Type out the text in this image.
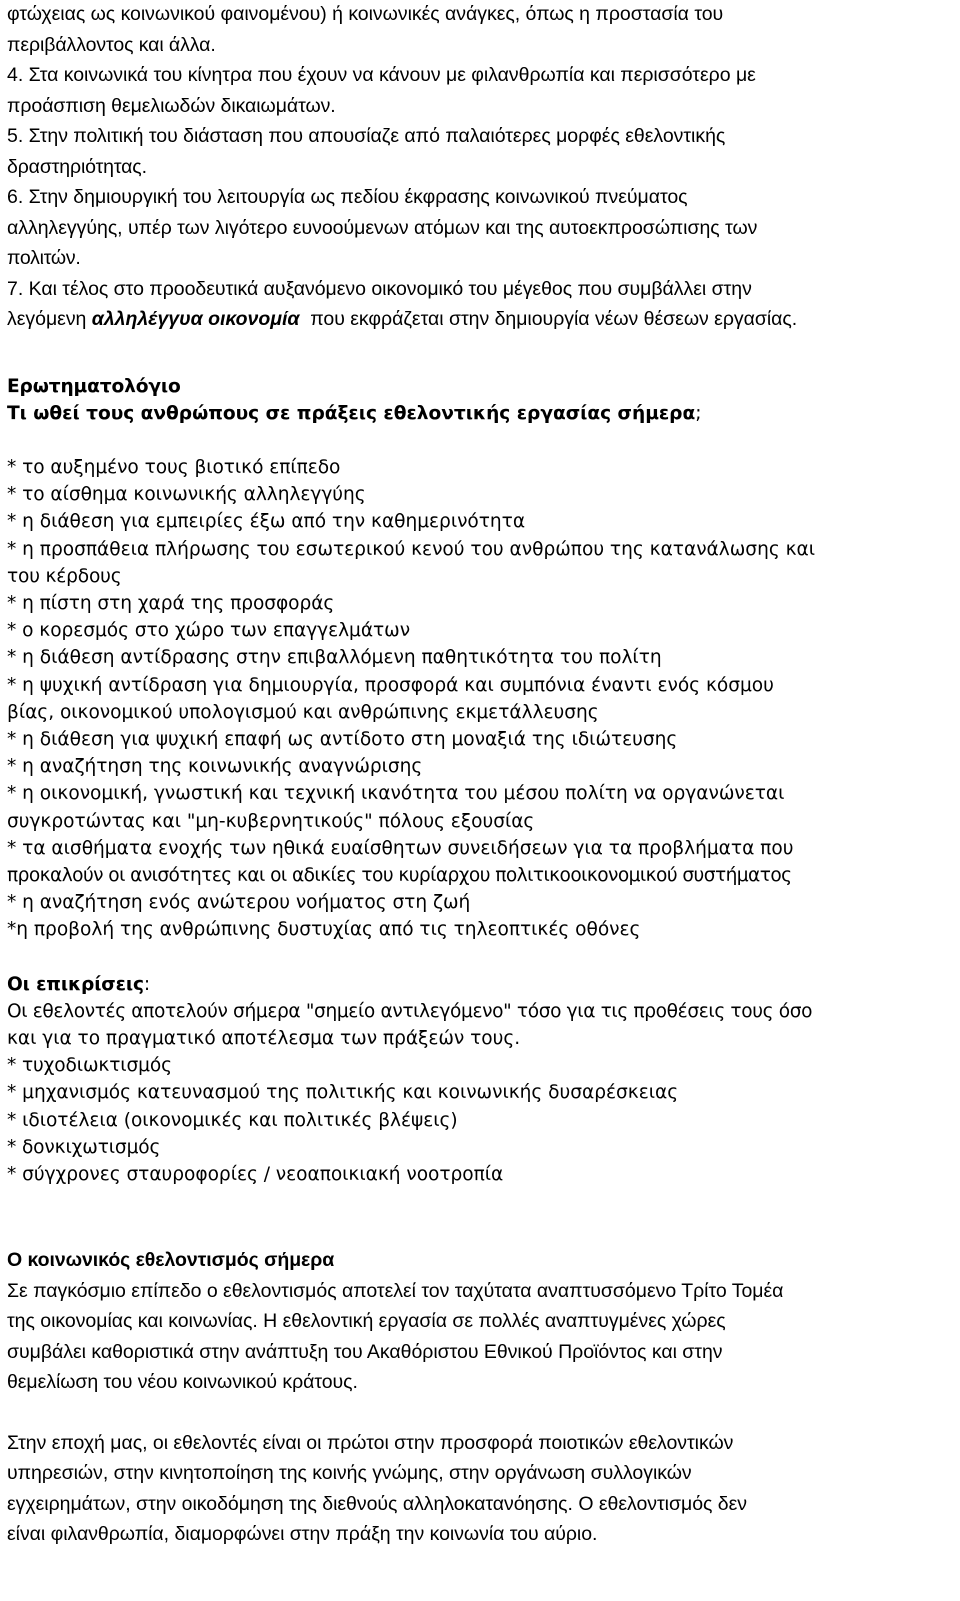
φτώχειας ως κοινωνικού φαινομένου) ή κοινωνικές ανάγκες, όπως η προστασία του
περιβάλλοντος και άλλα.
4. Στα κοινωνικά του κίνητρα που έχουν να κάνουν με φιλανθρωπία και περισσότερο με
προάσπιση θεμελιωδών δικαιωμάτων.
5. Στην πολιτική του διάσταση που απουσίαζε από παλαιότερες μορφές εθελοντικής
δραστηριότητας.
6. Στην δημιουργική του λειτουργία ως πεδίου έκφρασης κοινωνικού πνεύματος
αλληλεγγύης, υπέρ των λιγότερο ευνοούμενων ατόμων και της αυτοεκπροσώπισης των
πολιτών.
7. Και τέλος στο προοδευτικά αυξανόμενο οικονομικό του μέγεθος που συμβάλλει στην
λεγόμενη αλληλέγγυα οικονομία  που εκφράζεται στην δημιουργία νέων θέσεων εργασίας.
Ερωτηματολόγιο
Τι ωθεί τους ανθρώπους σε πράξεις εθελοντικής εργασίας σήμερα;
* το αυξημένο τους βιοτικό επίπεδο
* το αίσθημα κοινωνικής αλληλεγγύης
* η διάθεση για εμπειρίες έξω από την καθημερινότητα
* η προσπάθεια πλήρωσης του εσωτερικού κενού του ανθρώπου της κατανάλωσης και
του κέρδους
* η πίστη στη χαρά της προσφοράς
* ο κορεσμός στο χώρο των επαγγελμάτων
* η διάθεση αντίδρασης στην επιβαλλόμενη παθητικότητα του πολίτη
* η ψυχική αντίδραση για δημιουργία, προσφορά και συμπόνια έναντι ενός κόσμου
βίας, οικονομικού υπολογισμού και ανθρώπινης εκμετάλλευσης
* η διάθεση για ψυχική επαφή ως αντίδοτο στη μοναξιά της ιδιώτευσης
* η αναζήτηση της κοινωνικής αναγνώρισης
* η οικονομική, γνωστική και τεχνική ικανότητα του μέσου πολίτη να οργανώνεται
συγκροτώντας και "μη-κυβερνητικούς" πόλους εξουσίας
* τα αισθήματα ενοχής των ηθικά ευαίσθητων συνειδήσεων για τα προβλήματα που
προκαλούν οι ανισότητες και οι αδικίες του κυρίαρχου πολιτικοοικονομικού συστήματος
* η αναζήτηση ενός ανώτερου νοήματος στη ζωή
*η προβολή της ανθρώπινης δυστυχίας από τις τηλεοπτικές οθόνες
Οι επικρίσεις:
Οι εθελοντές αποτελούν σήμερα "σημείο αντιλεγόμενο" τόσο για τις προθέσεις τους όσο
και για το πραγματικό αποτέλεσμα των πράξεών τους.
* τυχοδιωκτισμός
* μηχανισμός κατευνασμού της πολιτικής και κοινωνικής δυσαρέσκειας
* ιδιοτέλεια (οικονομικές και πολιτικές βλέψεις)
* δονκιχωτισμός
* σύγχρονες σταυροφορίες / νεοαποικιακή νοοτροπία
Ο κοινωνικός εθελοντισμός σήμερα
Σε παγκόσμιο επίπεδο ο εθελοντισμός αποτελεί τον ταχύτατα αναπτυσσόμενο Τρίτο Τομέα
της οικονομίας και κοινωνίας. Η εθελοντική εργασία σε πολλές αναπτυγμένες χώρες
συμβάλει καθοριστικά στην ανάπτυξη του Ακαθόριστου Εθνικού Προϊόντος και στην
θεμελίωση του νέου κοινωνικού κράτους.
Στην εποχή μας, οι εθελοντές είναι οι πρώτοι στην προσφορά ποιοτικών εθελοντικών
υπηρεσιών, στην κινητοποίηση της κοινής γνώμης, στην οργάνωση συλλογικών
εγχειρημάτων, στην οικοδόμηση της διεθνούς αλληλοκατανόησης. Ο εθελοντισμός δεν
είναι φιλανθρωπία, διαμορφώνει στην πράξη την κοινωνία του αύριο.
